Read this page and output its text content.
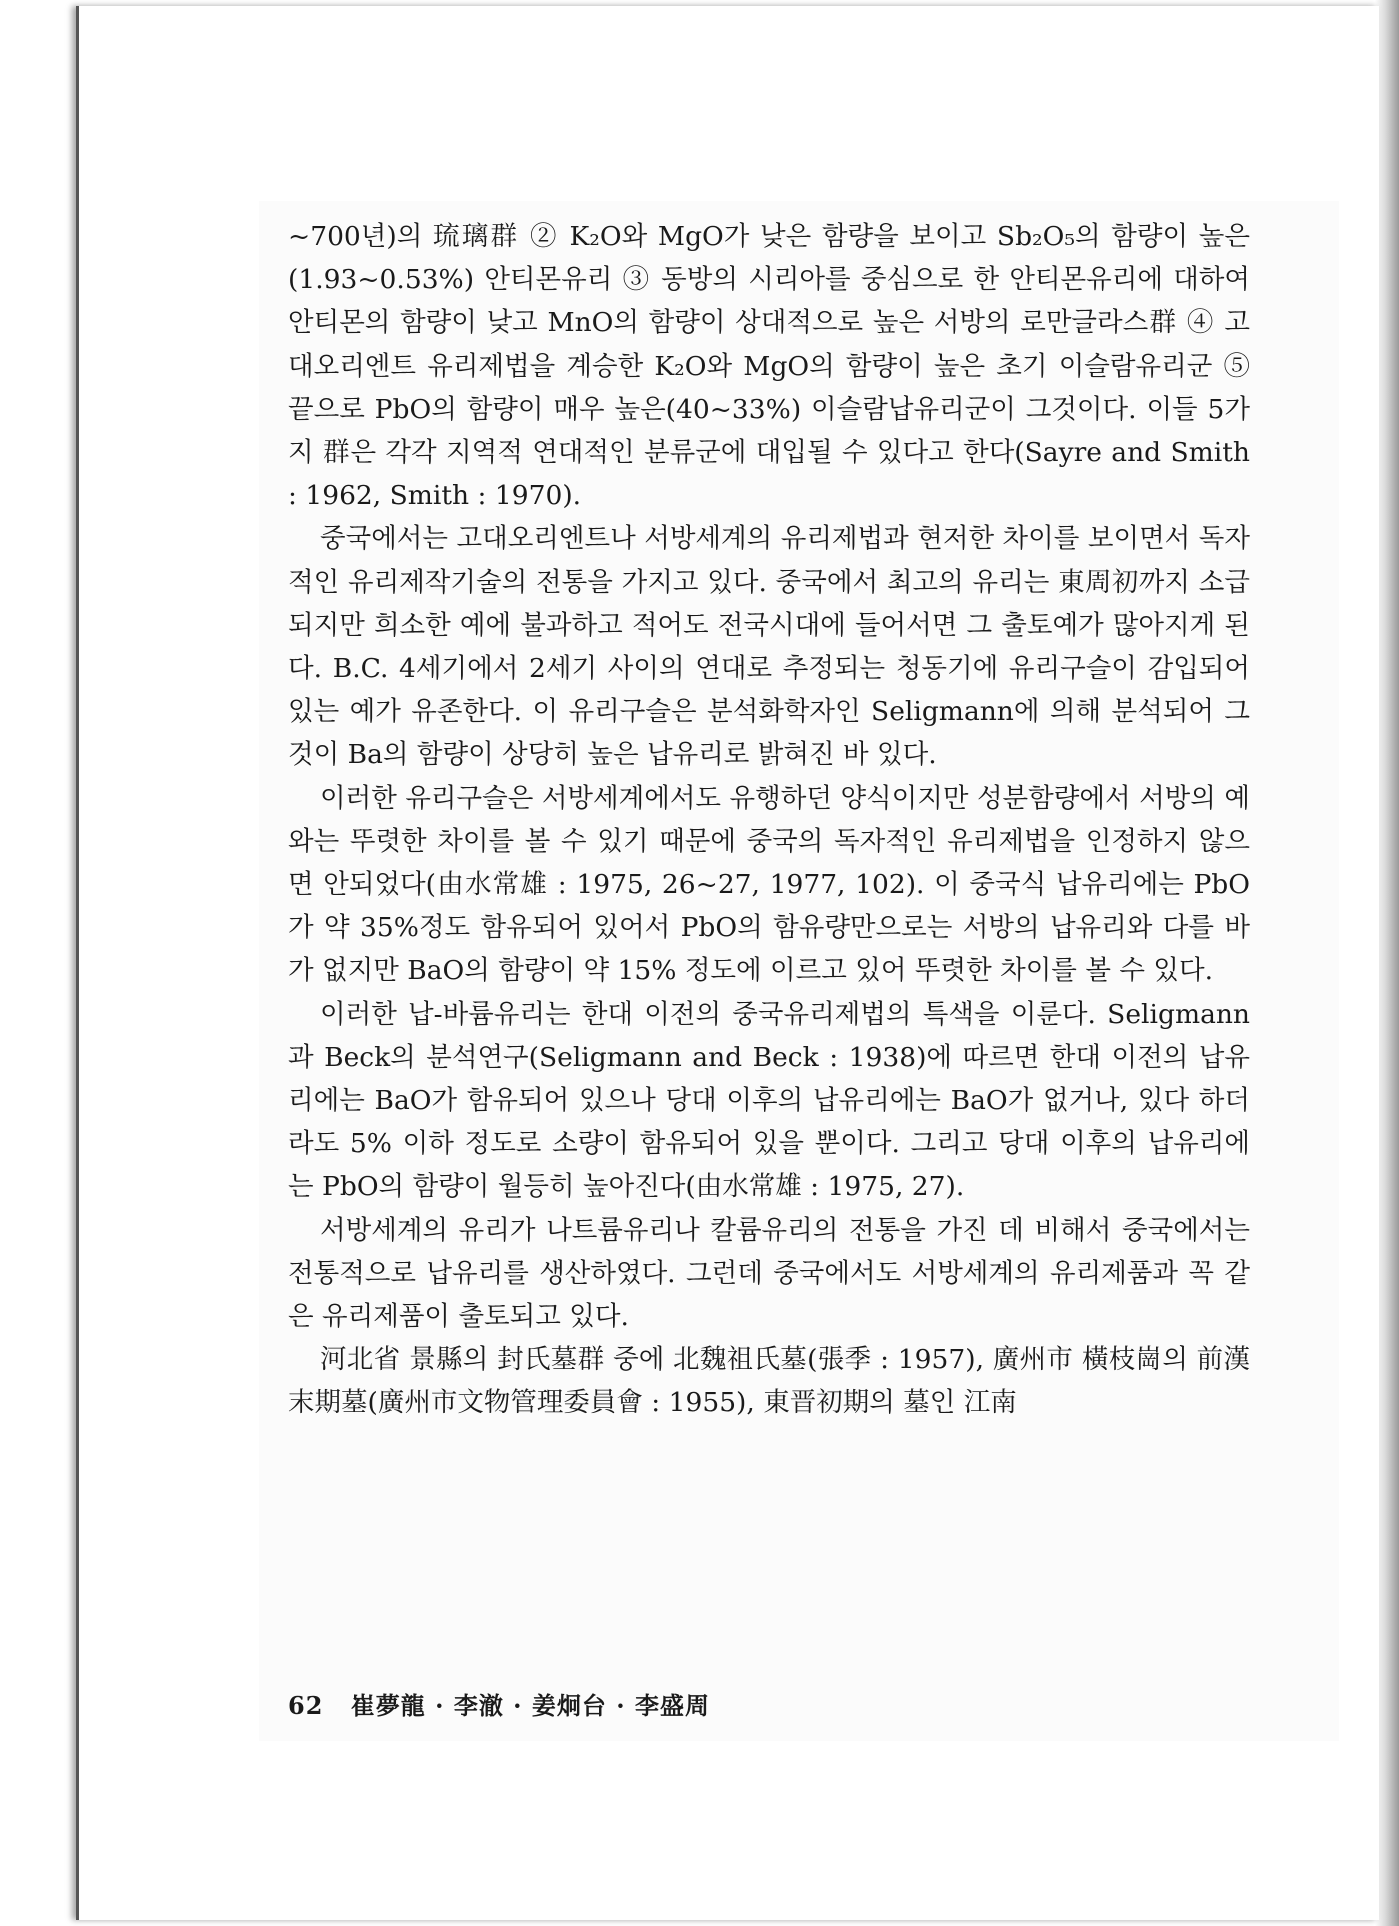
~700년)의 琉璃群 ② K₂O와 MgO가 낮은 함량을 보이고 Sb₂O₅의 함량이 높은(1.93~0.53%) 안티몬유리 ③ 동방의 시리아를 중심으로 한 안티몬유리에 대하여 안티몬의 함량이 낮고 MnO의 함량이 상대적으로 높은 서방의 로만글라스群 ④ 고대오리엔트 유리제법을 계승한 K₂O와 MgO의 함량이 높은 초기 이슬람유리군 ⑤ 끝으로 PbO의 함량이 매우 높은(40~33%) 이슬람납유리군이 그것이다. 이들 5가지 群은 각각 지역적 연대적인 분류군에 대입될 수 있다고 한다(Sayre and Smith : 1962, Smith : 1970).

중국에서는 고대오리엔트나 서방세계의 유리제법과 현저한 차이를 보이면서 독자적인 유리제작기술의 전통을 가지고 있다. 중국에서 최고의 유리는 東周初까지 소급되지만 희소한 예에 불과하고 적어도 전국시대에 들어서면 그 출토예가 많아지게 된다. B.C. 4세기에서 2세기 사이의 연대로 추정되는 청동기에 유리구슬이 감입되어 있는 예가 유존한다. 이 유리구슬은 분석화학자인 Seligmann에 의해 분석되어 그것이 Ba의 함량이 상당히 높은 납유리로 밝혀진 바 있다.

이러한 유리구슬은 서방세계에서도 유행하던 양식이지만 성분함량에서 서방의 예와는 뚜렷한 차이를 볼 수 있기 때문에 중국의 독자적인 유리제법을 인정하지 않으면 안되었다(由水常雄 : 1975, 26~27, 1977, 102). 이 중국식 납유리에는 PbO가 약 35%정도 함유되어 있어서 PbO의 함유량만으로는 서방의 납유리와 다를 바가 없지만 BaO의 함량이 약 15% 정도에 이르고 있어 뚜렷한 차이를 볼 수 있다.

이러한 납-바륨유리는 한대 이전의 중국유리제법의 특색을 이룬다. Seligmann과 Beck의 분석연구(Seligmann and Beck : 1938)에 따르면 한대 이전의 납유리에는 BaO가 함유되어 있으나 당대 이후의 납유리에는 BaO가 없거나, 있다 하더라도 5% 이하 정도로 소량이 함유되어 있을 뿐이다. 그리고 당대 이후의 납유리에는 PbO의 함량이 월등히 높아진다(由水常雄 : 1975, 27).

서방세계의 유리가 나트륨유리나 칼륨유리의 전통을 가진 데 비해서 중국에서는 전통적으로 납유리를 생산하였다. 그런데 중국에서도 서방세계의 유리제품과 꼭 같은 유리제품이 출토되고 있다.

河北省 景縣의 封氏墓群 중에 北魏祖氏墓(張季 : 1957), 廣州市 橫枝崗의 前漢末期墓(廣州市文物管理委員會 : 1955), 東晋初期의 墓인 江南

62 崔夢龍 · 李澈 · 姜炯台 · 李盛周
